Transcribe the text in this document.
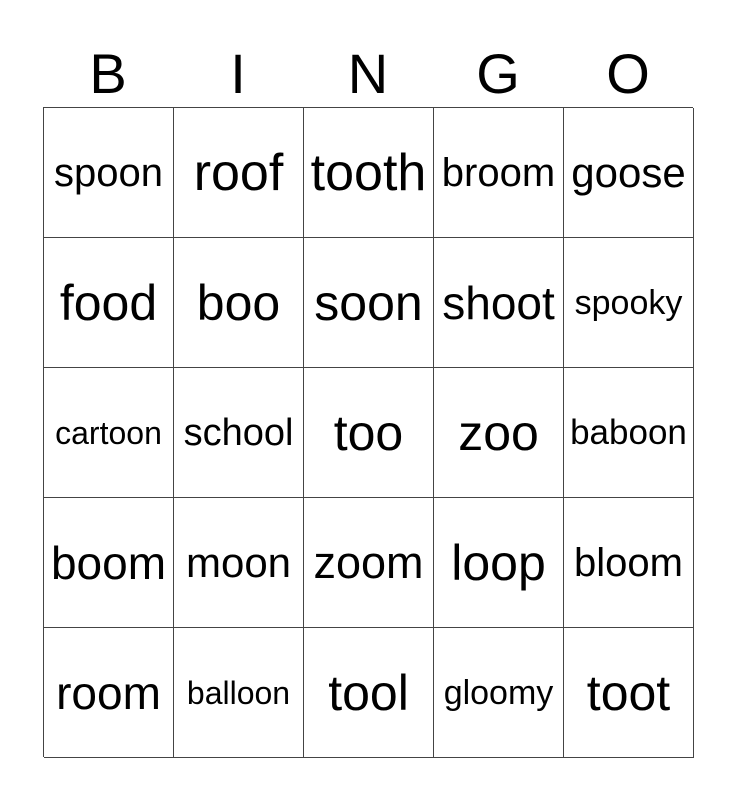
B	I	N	G	O
spoon roof tooth broom goose
food boo soon shoot spooky
cartoon school too	zoo baboon
boom moon zoom loop bloom
room balloon tool	gloomy toot
